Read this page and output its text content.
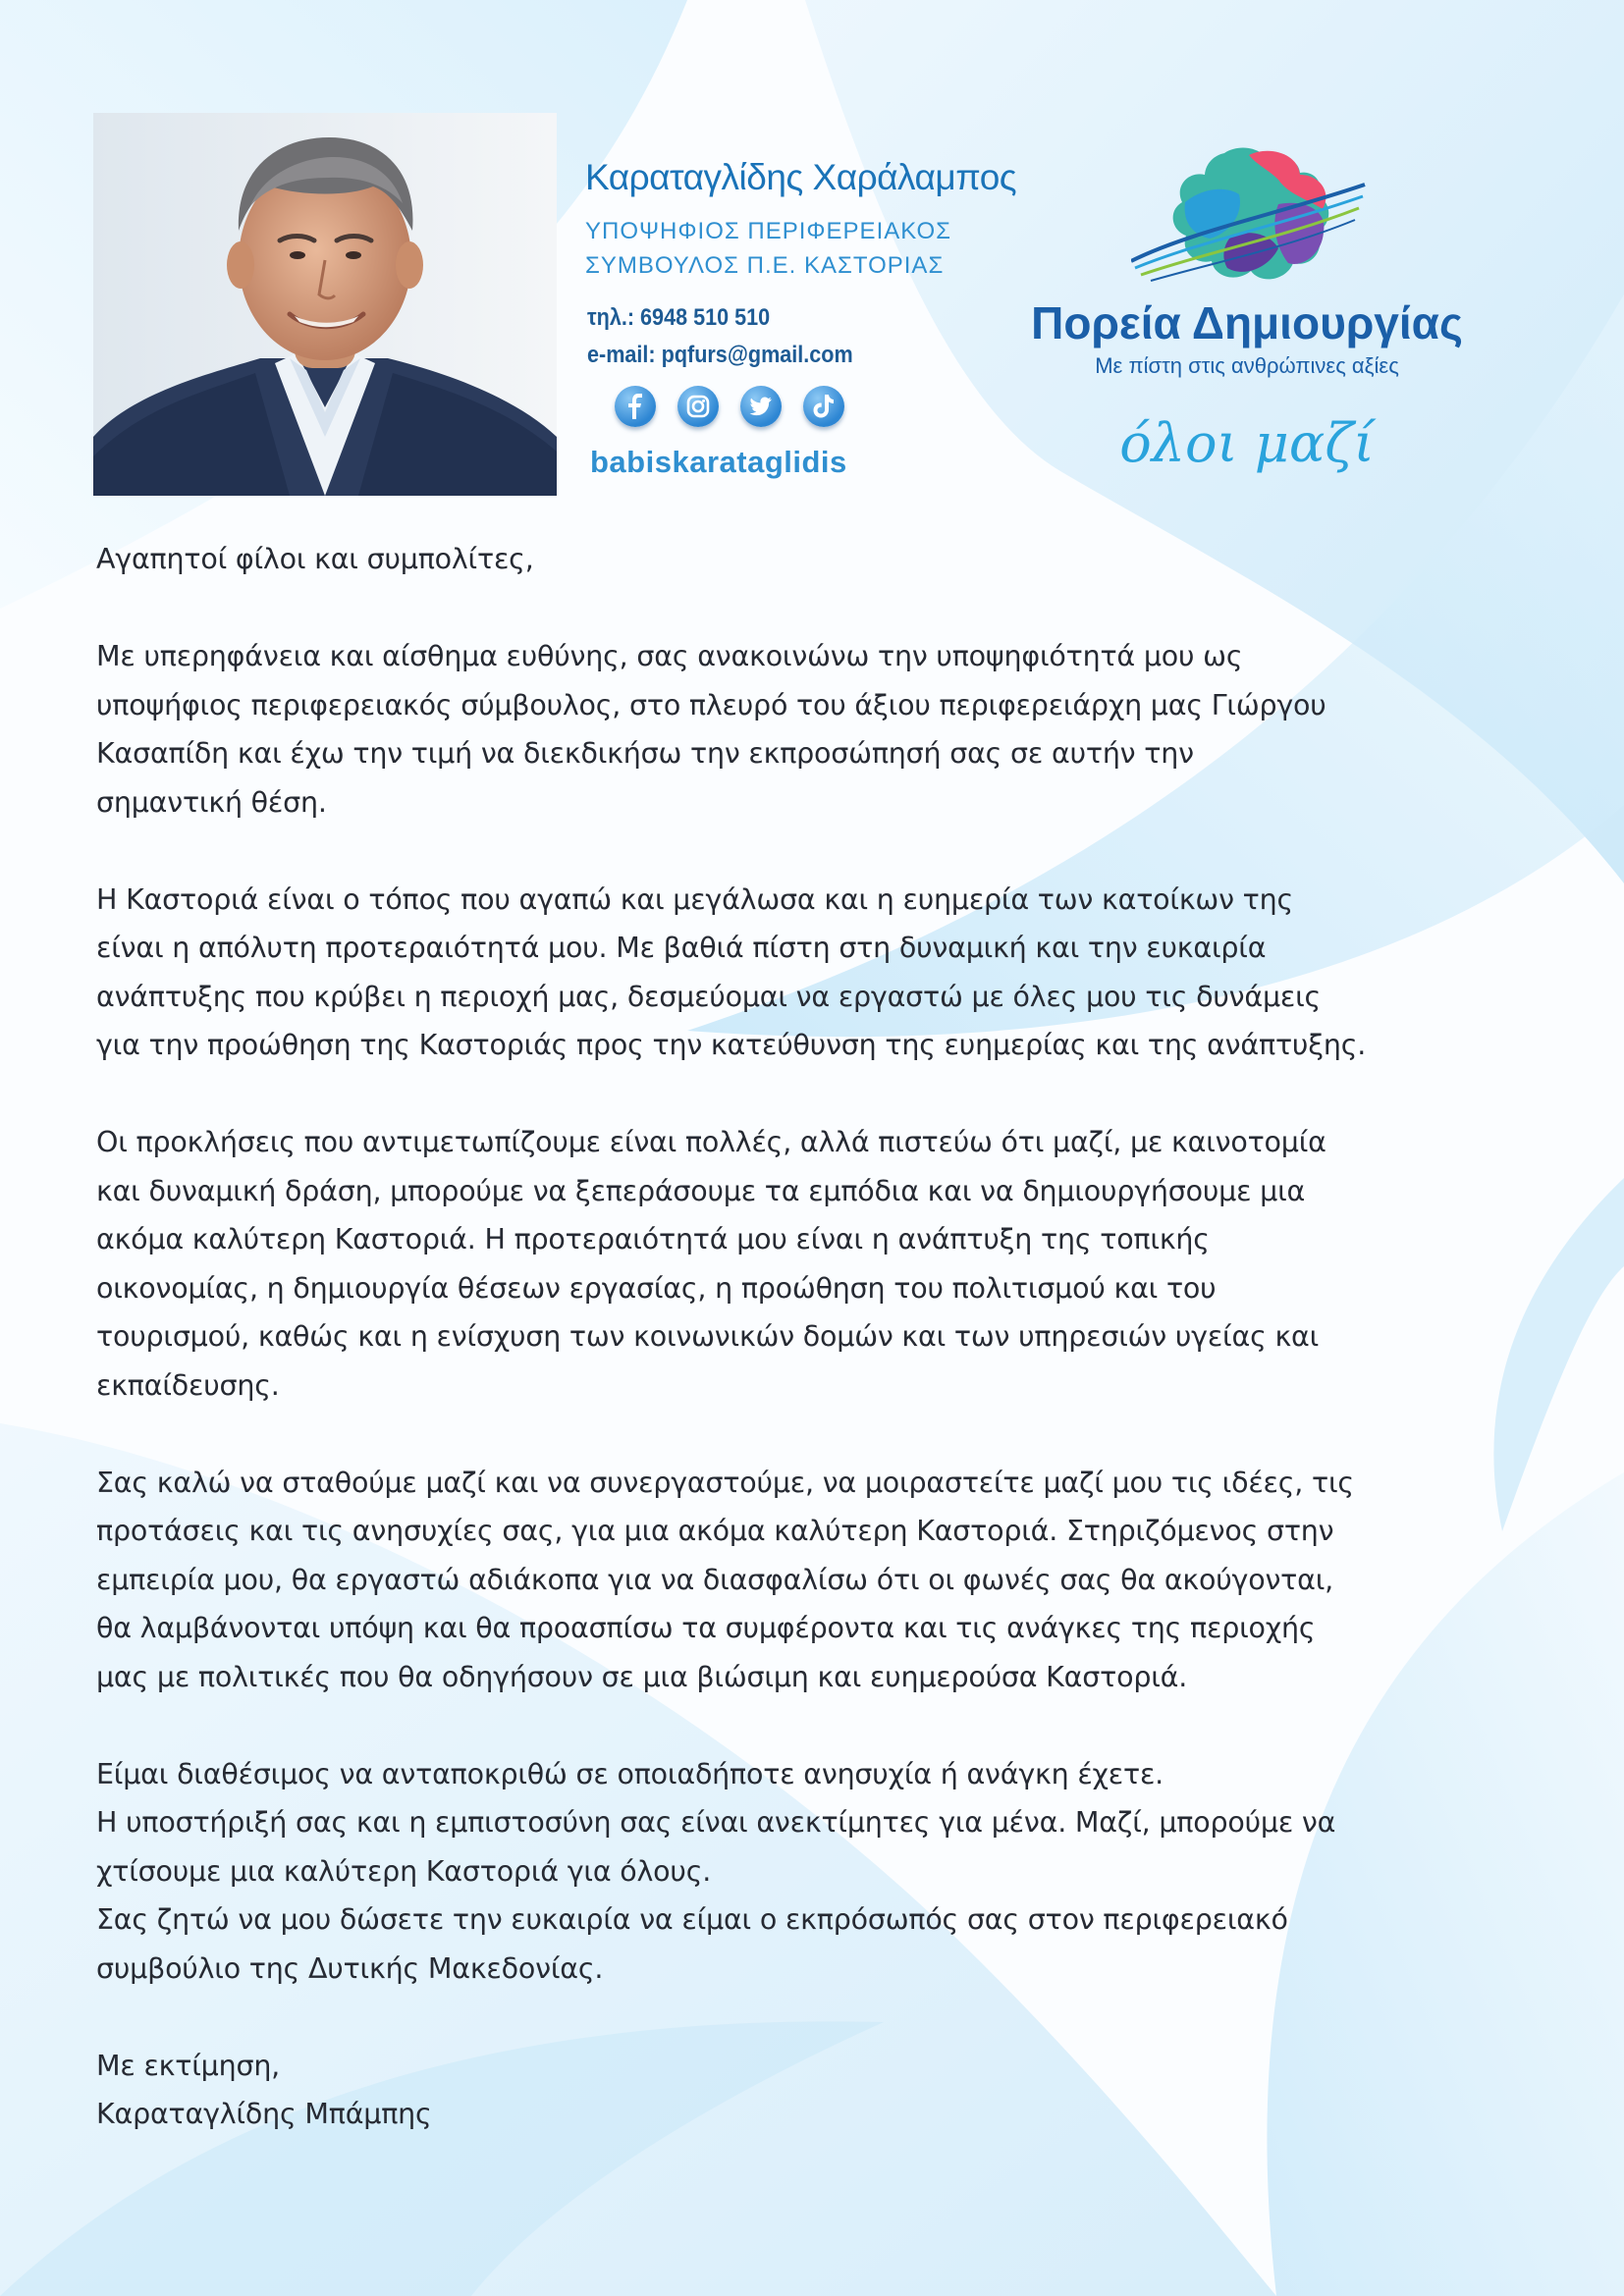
Καραταγλίδης Χαράλαμπος
ΥΠΟΨΗΦΙΟΣ ΠΕΡΙΦΕΡΕΙΑΚΟΣ
ΣΥΜΒΟΥΛΟΣ Π.Ε. ΚΑΣΤΟΡΙΑΣ
τηλ.: 6948 510 510
e-mail: pqfurs@gmail.com
babiskarataglidis
Πορεία Δημιουργίας
Με πίστη στις ανθρώπινες αξίες
όλοι μαζί

Αγαπητοί φίλοι και συμπολίτες,

Με υπερηφάνεια και αίσθημα ευθύνης, σας ανακοινώνω την υποψηφιότητά μου ως
υποψήφιος περιφερειακός σύμβουλος, στο πλευρό του άξιου περιφερειάρχη μας Γιώργου
Κασαπίδη και έχω την τιμή να διεκδικήσω την εκπροσώπησή σας σε αυτήν την
σημαντική θέση.

Η Καστοριά είναι ο τόπος που αγαπώ και μεγάλωσα και η ευημερία των κατοίκων της
είναι η απόλυτη προτεραιότητά μου. Με βαθιά πίστη στη δυναμική και την ευκαιρία
ανάπτυξης που κρύβει η περιοχή μας, δεσμεύομαι να εργαστώ με όλες μου τις δυνάμεις
για την προώθηση της Καστοριάς προς την κατεύθυνση της ευημερίας και της ανάπτυξης.

Οι προκλήσεις που αντιμετωπίζουμε είναι πολλές, αλλά πιστεύω ότι μαζί, με καινοτομία
και δυναμική δράση, μπορούμε να ξεπεράσουμε τα εμπόδια και να δημιουργήσουμε μια
ακόμα καλύτερη Καστοριά. Η προτεραιότητά μου είναι η ανάπτυξη της τοπικής
οικονομίας, η δημιουργία θέσεων εργασίας, η προώθηση του πολιτισμού και του
τουρισμού, καθώς και η ενίσχυση των κοινωνικών δομών και των υπηρεσιών υγείας και
εκπαίδευσης.

Σας καλώ να σταθούμε μαζί και να συνεργαστούμε, να μοιραστείτε μαζί μου τις ιδέες, τις
προτάσεις και τις ανησυχίες σας, για μια ακόμα καλύτερη Καστοριά. Στηριζόμενος στην
εμπειρία μου, θα εργαστώ αδιάκοπα για να διασφαλίσω ότι οι φωνές σας θα ακούγονται,
θα λαμβάνονται υπόψη και θα προασπίσω τα συμφέροντα και τις ανάγκες της περιοχής
μας με πολιτικές που θα οδηγήσουν σε μια βιώσιμη και ευημερούσα Καστοριά.

Είμαι διαθέσιμος να ανταποκριθώ σε οποιαδήποτε ανησυχία ή ανάγκη έχετε.
Η υποστήριξή σας και η εμπιστοσύνη σας είναι ανεκτίμητες για μένα. Μαζί, μπορούμε να
χτίσουμε μια καλύτερη Καστοριά για όλους.
Σας ζητώ να μου δώσετε την ευκαιρία να είμαι ο εκπρόσωπός σας στον περιφερειακό
συμβούλιο της Δυτικής Μακεδονίας.

Με εκτίμηση,
Καραταγλίδης Μπάμπης
